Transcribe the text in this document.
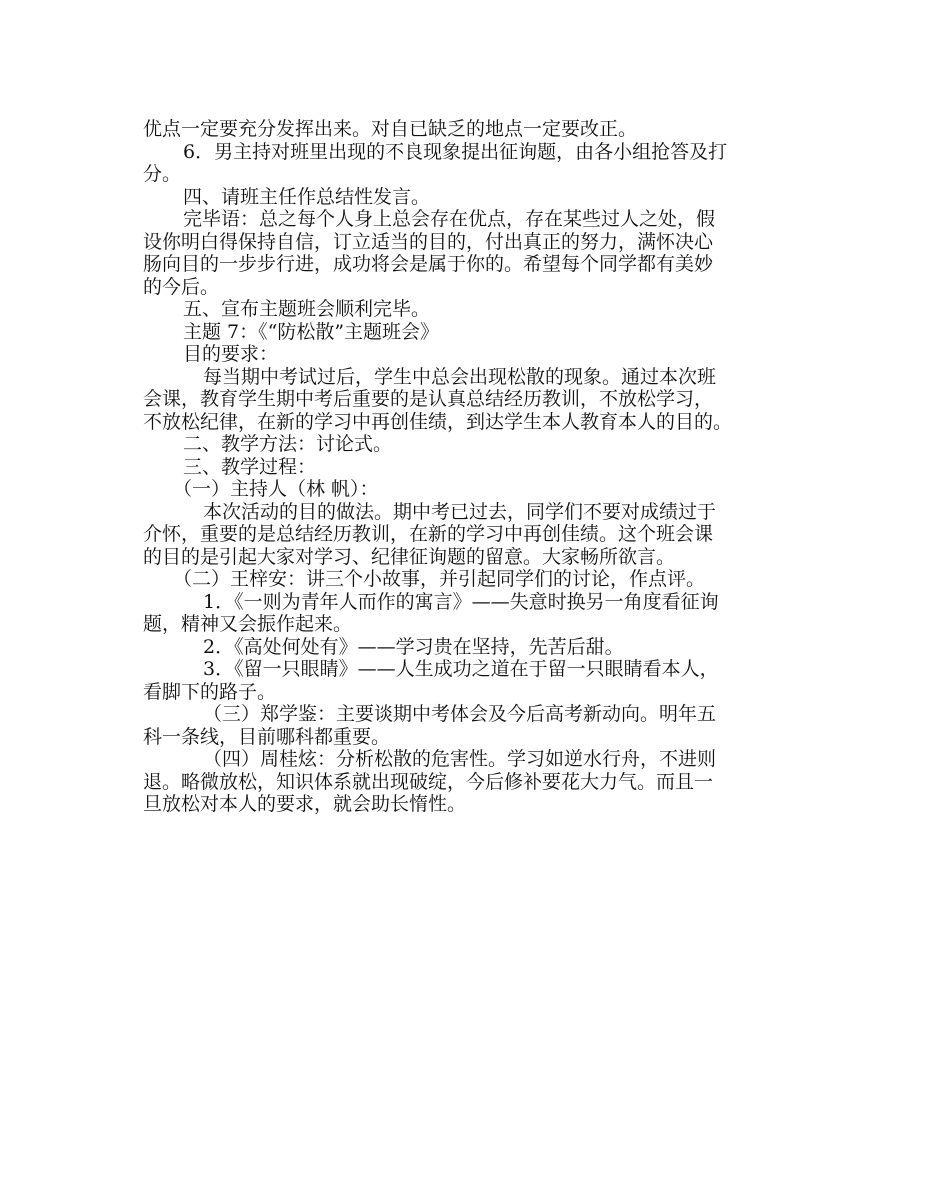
优点一定要充分发挥出来。对自已缺乏的地点一定要改正。
6．男主持对班里出现的不良现象提出征询题，由各小组抢答及打
分。
四、请班主任作总结性发言。
完毕语：总之每个人身上总会存在优点，存在某些过人之处，假
设你明白得保持自信，订立适当的目的，付出真正的努力，满怀决心
肠向目的一步步行进，成功将会是属于你的。希望每个同学都有美妙
的今后。
五、宣布主题班会顺利完毕。
主题 7：《“防松散”主题班会》
目的要求：
每当期中考试过后，学生中总会出现松散的现象。通过本次班
会课，教育学生期中考后重要的是认真总结经历教训，不放松学习，
不放松纪律，在新的学习中再创佳绩，到达学生本人教育本人的目的。
二、教学方法：讨论式。
三、教学过程：
（一）主持人（林 帆）：
本次活动的目的做法。期中考已过去，同学们不要对成绩过于
介怀，重要的是总结经历教训，在新的学习中再创佳绩。这个班会课
的目的是引起大家对学习、纪律征询题的留意。大家畅所欲言。
（二）王梓安：讲三个小故事，并引起同学们的讨论，作点评。
1．《一则为青年人而作的寓言》——失意时换另一角度看征询
题，精神又会振作起来。
2．《高处何处有》——学习贵在坚持，先苦后甜。
3．《留一只眼睛》——人生成功之道在于留一只眼睛看本人，
看脚下的路子。
（三）郑学鉴：主要谈期中考体会及今后高考新动向。明年五
科一条线，目前哪科都重要。
（四）周桂炫：分析松散的危害性。学习如逆水行舟，不进则
退。略微放松，知识体系就出现破绽，今后修补要花大力气。而且一
旦放松对本人的要求，就会助长惰性。
